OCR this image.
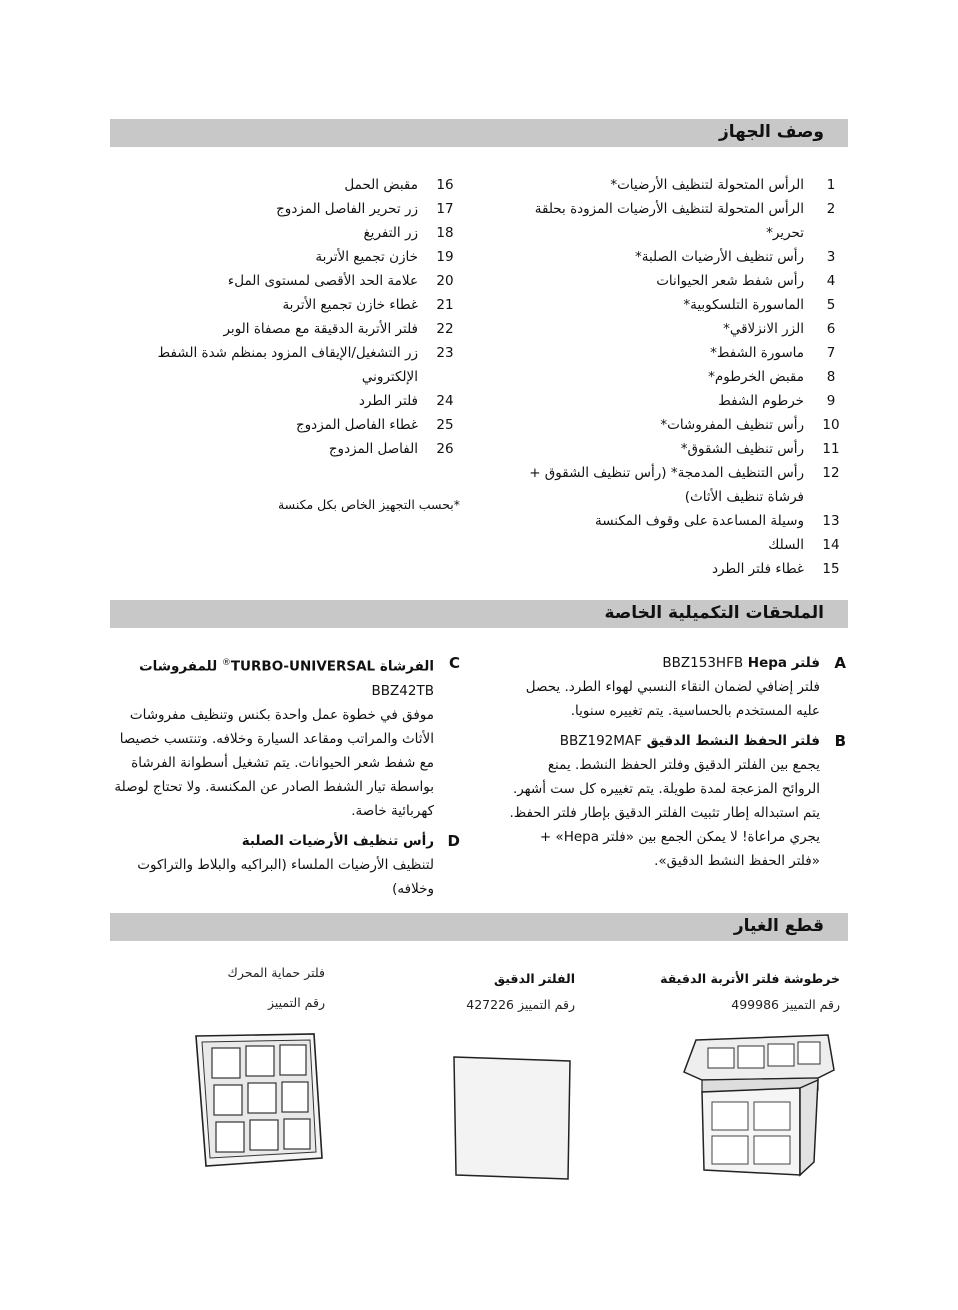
وصف الجهاز
1
الرأس المتحولة لتنظيف الأرضيات*
2
الرأس المتحولة لتنظيف الأرضيات المزودة بحلقة تحرير*
3
رأس تنظيف الأرضيات الصلبة*
4
رأس شفط شعر الحيوانات
5
الماسورة التلسكوبية*
6
الزر الانزلاقي*
7
ماسورة الشفط*
8
مقبض الخرطوم*
9
خرطوم الشفط
10
رأس تنظيف المفروشات*
11
رأس تنظيف الشقوق*
12
رأس التنظيف المدمجة* (رأس تنظيف الشقوق + فرشاة تنظيف الأثاث)
13
وسيلة المساعدة على وقوف المكنسة
14
السلك
15
غطاء فلتر الطرد
16
مقبض الحمل
17
زر تحرير الفاصل المزدوج
18
زر التفريغ
19
خازن تجميع الأتربة
20
علامة الحد الأقصى لمستوى الملء
21
غطاء خازن تجميع الأتربة
22
فلتر الأتربة الدقيقة مع مصفاة الوبر
23
زر التشغيل/الإيقاف المزود بمنظم شدة الشفط الإلكتروني
24
فلتر الطرد
25
غطاء الفاصل المزدوج
26
الفاصل المزدوج
*بحسب التجهيز الخاص بكل مكنسة
الملحقات التكميلية الخاصة
A
فلتر Hepa BBZ153HFB
فلتر إضافي لضمان النقاء النسبي لهواء الطرد. يحصل عليه المستخدم بالحساسية. يتم تغييره سنويا.
B
فلتر الحفظ النشط الدقيق BBZ192MAF
يجمع بين الفلتر الدقيق وفلتر الحفظ النشط. يمنع الروائح المزعجة لمدة طويلة. يتم تغييره كل ست أشهر. يتم استبداله إطار تثبيت الفلتر الدقيق بإطار فلتر الحفظ. يجري مراعاة! لا يمكن الجمع بين «فلتر Hepa» + «فلتر الحفظ النشط الدقيق».
C
الفرشاة TURBO-UNIVERSAL® للمفروشات BBZ42TB
موفق في خطوة عمل واحدة بكنس وتنظيف مفروشات الأثاث والمراتب ومقاعد السيارة وخلافه. وتنتسب خصيصا مع شفط شعر الحيوانات. يتم تشغيل أسطوانة الفرشاة بواسطة تيار الشفط الصادر عن المكنسة. ولا تحتاج لوصلة كهربائية خاصة.
D
رأس تنظيف الأرضيات الصلبة
لتنظيف الأرضيات الملساء (البراكيه والبلاط والتراكوت وخلافه)
قطع الغيار
خرطوشة فلتر الأتربة الدقيقة
رقم التمييز 499986
الفلتر الدقيق
رقم التمييز 427226
فلتر حماية المحرك
رقم التمييز
